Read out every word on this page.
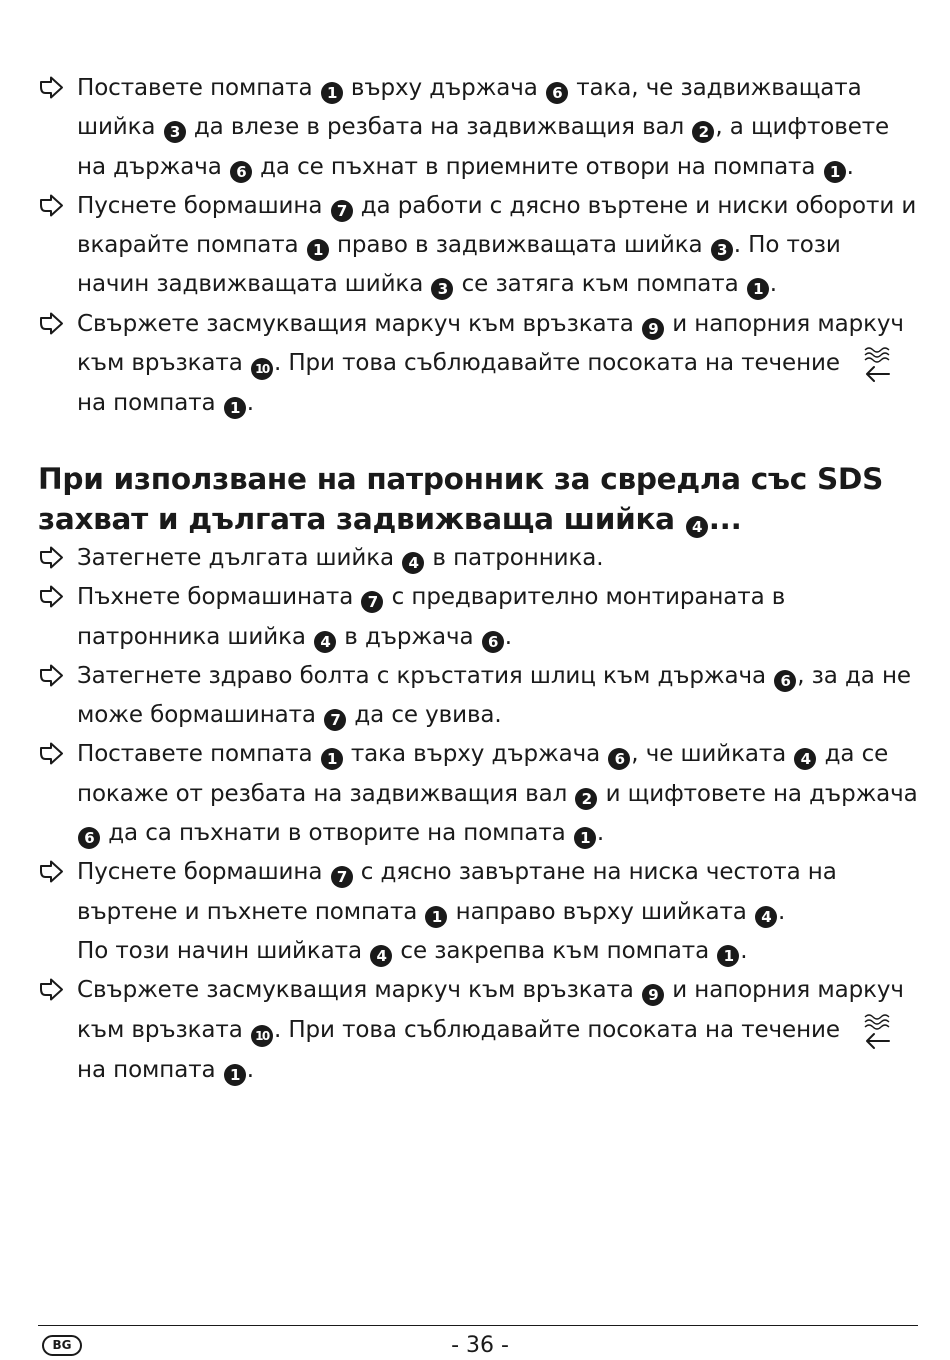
Поставете помпата 1 върху държача 6 така, че задвижващата шийка 3 да влезе в резбата на задвижващия вал 2 , а щифтовете на държача 6 да се пъхнат в приемните отвори на помпата 1 .
Пуснете бормашина 7 да работи с дясно въртене и ниски обороти и вкарайте помпата 1 право в задвижващата шийка 3 . По този начин задвижващата шийка 3 се затяга към помпата 1 .
Свържете засмукващия маркуч към връзката 9 и напорния маркуч към връзката 10 . При това съблюдавайте посоката на течение  на помпата 1 .
При използване на патронник за свредла със SDS захват и дългата задвижваща шийка 4 ...
Затегнете дългата шийка 4 в патронника.
Пъхнете бормашината 7 с предварително монтираната в патронника шийка 4 в държача 6 .
Затегнете здраво болта с кръстатия шлиц към държача 6 , за да не може бормашината 7 да се увива.
Поставете помпата 1 така върху държача 6 , че шийката 4 да се покаже от резбата на задвижващия вал 2 и щифтовете на държача 6 да са пъхнати в отворите на помпата 1 .
Пуснете бормашина 7 с дясно завъртане на ниска честота на въртене и пъхнете помпата 1 направо върху шийката 4 .
По този начин шийката 4 се закрепва към помпата 1 .
Свържете засмукващия маркуч към връзката 9 и напорния маркуч към връзката 10 . При това съблюдавайте посоката на течение  на помпата 1 .
BG	- 36 -
